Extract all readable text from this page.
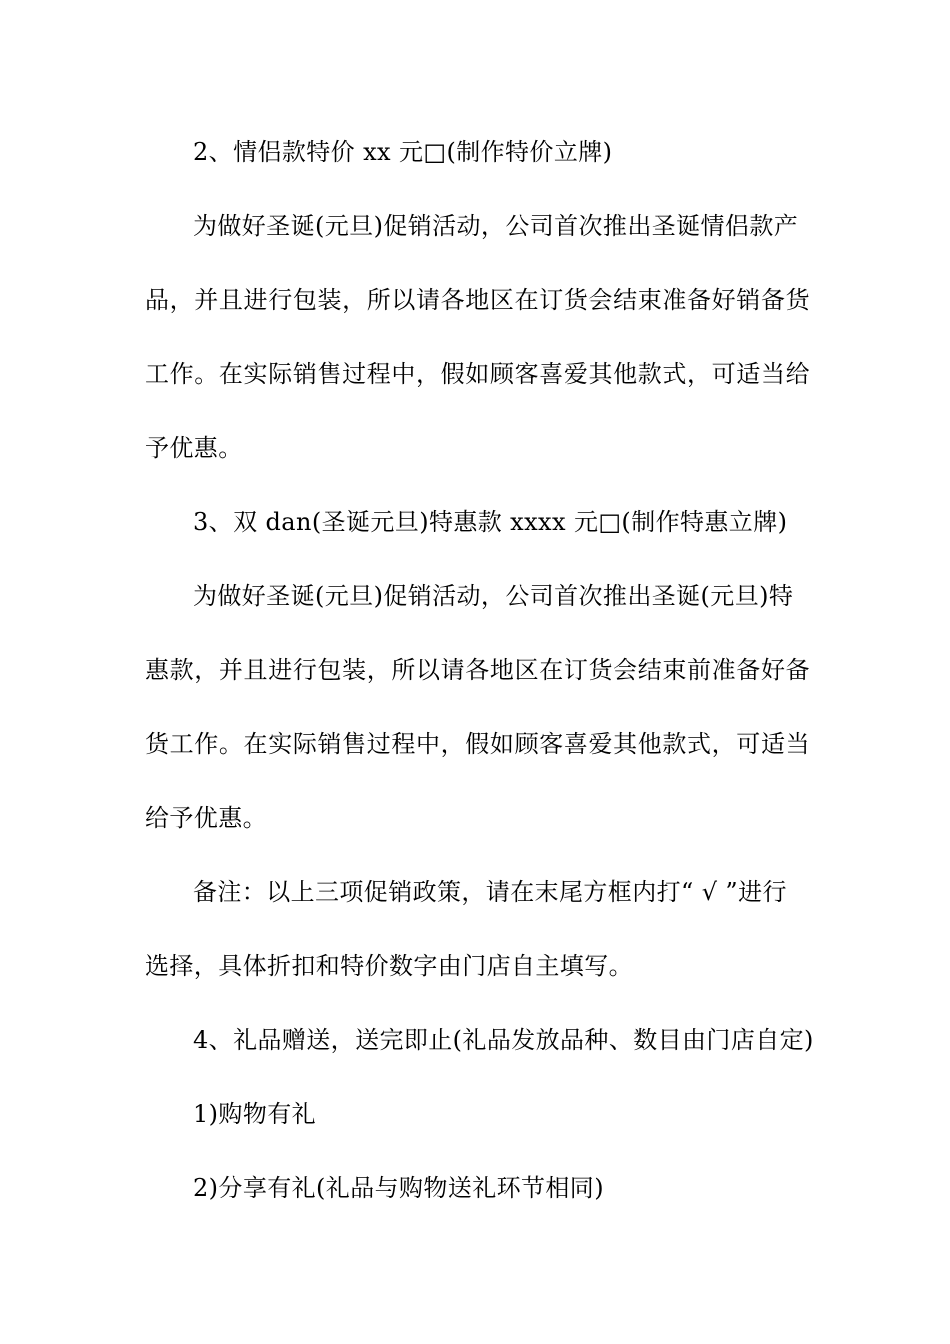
2、情侣款特价 xx 元□(制作特价立牌)
为做好圣诞(元旦)促销活动，公司首次推出圣诞情侣款产
品，并且进行包装，所以请各地区在订货会结束准备好销备货
工作。在实际销售过程中，假如顾客喜爱其他款式，可适当给
予优惠。
3、双 dan(圣诞元旦)特惠款 xxxx 元□(制作特惠立牌)
为做好圣诞(元旦)促销活动，公司首次推出圣诞(元旦)特
惠款，并且进行包装，所以请各地区在订货会结束前准备好备
货工作。在实际销售过程中，假如顾客喜爱其他款式，可适当
给予优惠。
备注：以上三项促销政策，请在末尾方框内打“ √ ”进行
选择，具体折扣和特价数字由门店自主填写。
4、礼品赠送，送完即止(礼品发放品种、数目由门店自定)
1)购物有礼
2)分享有礼(礼品与购物送礼环节相同)
